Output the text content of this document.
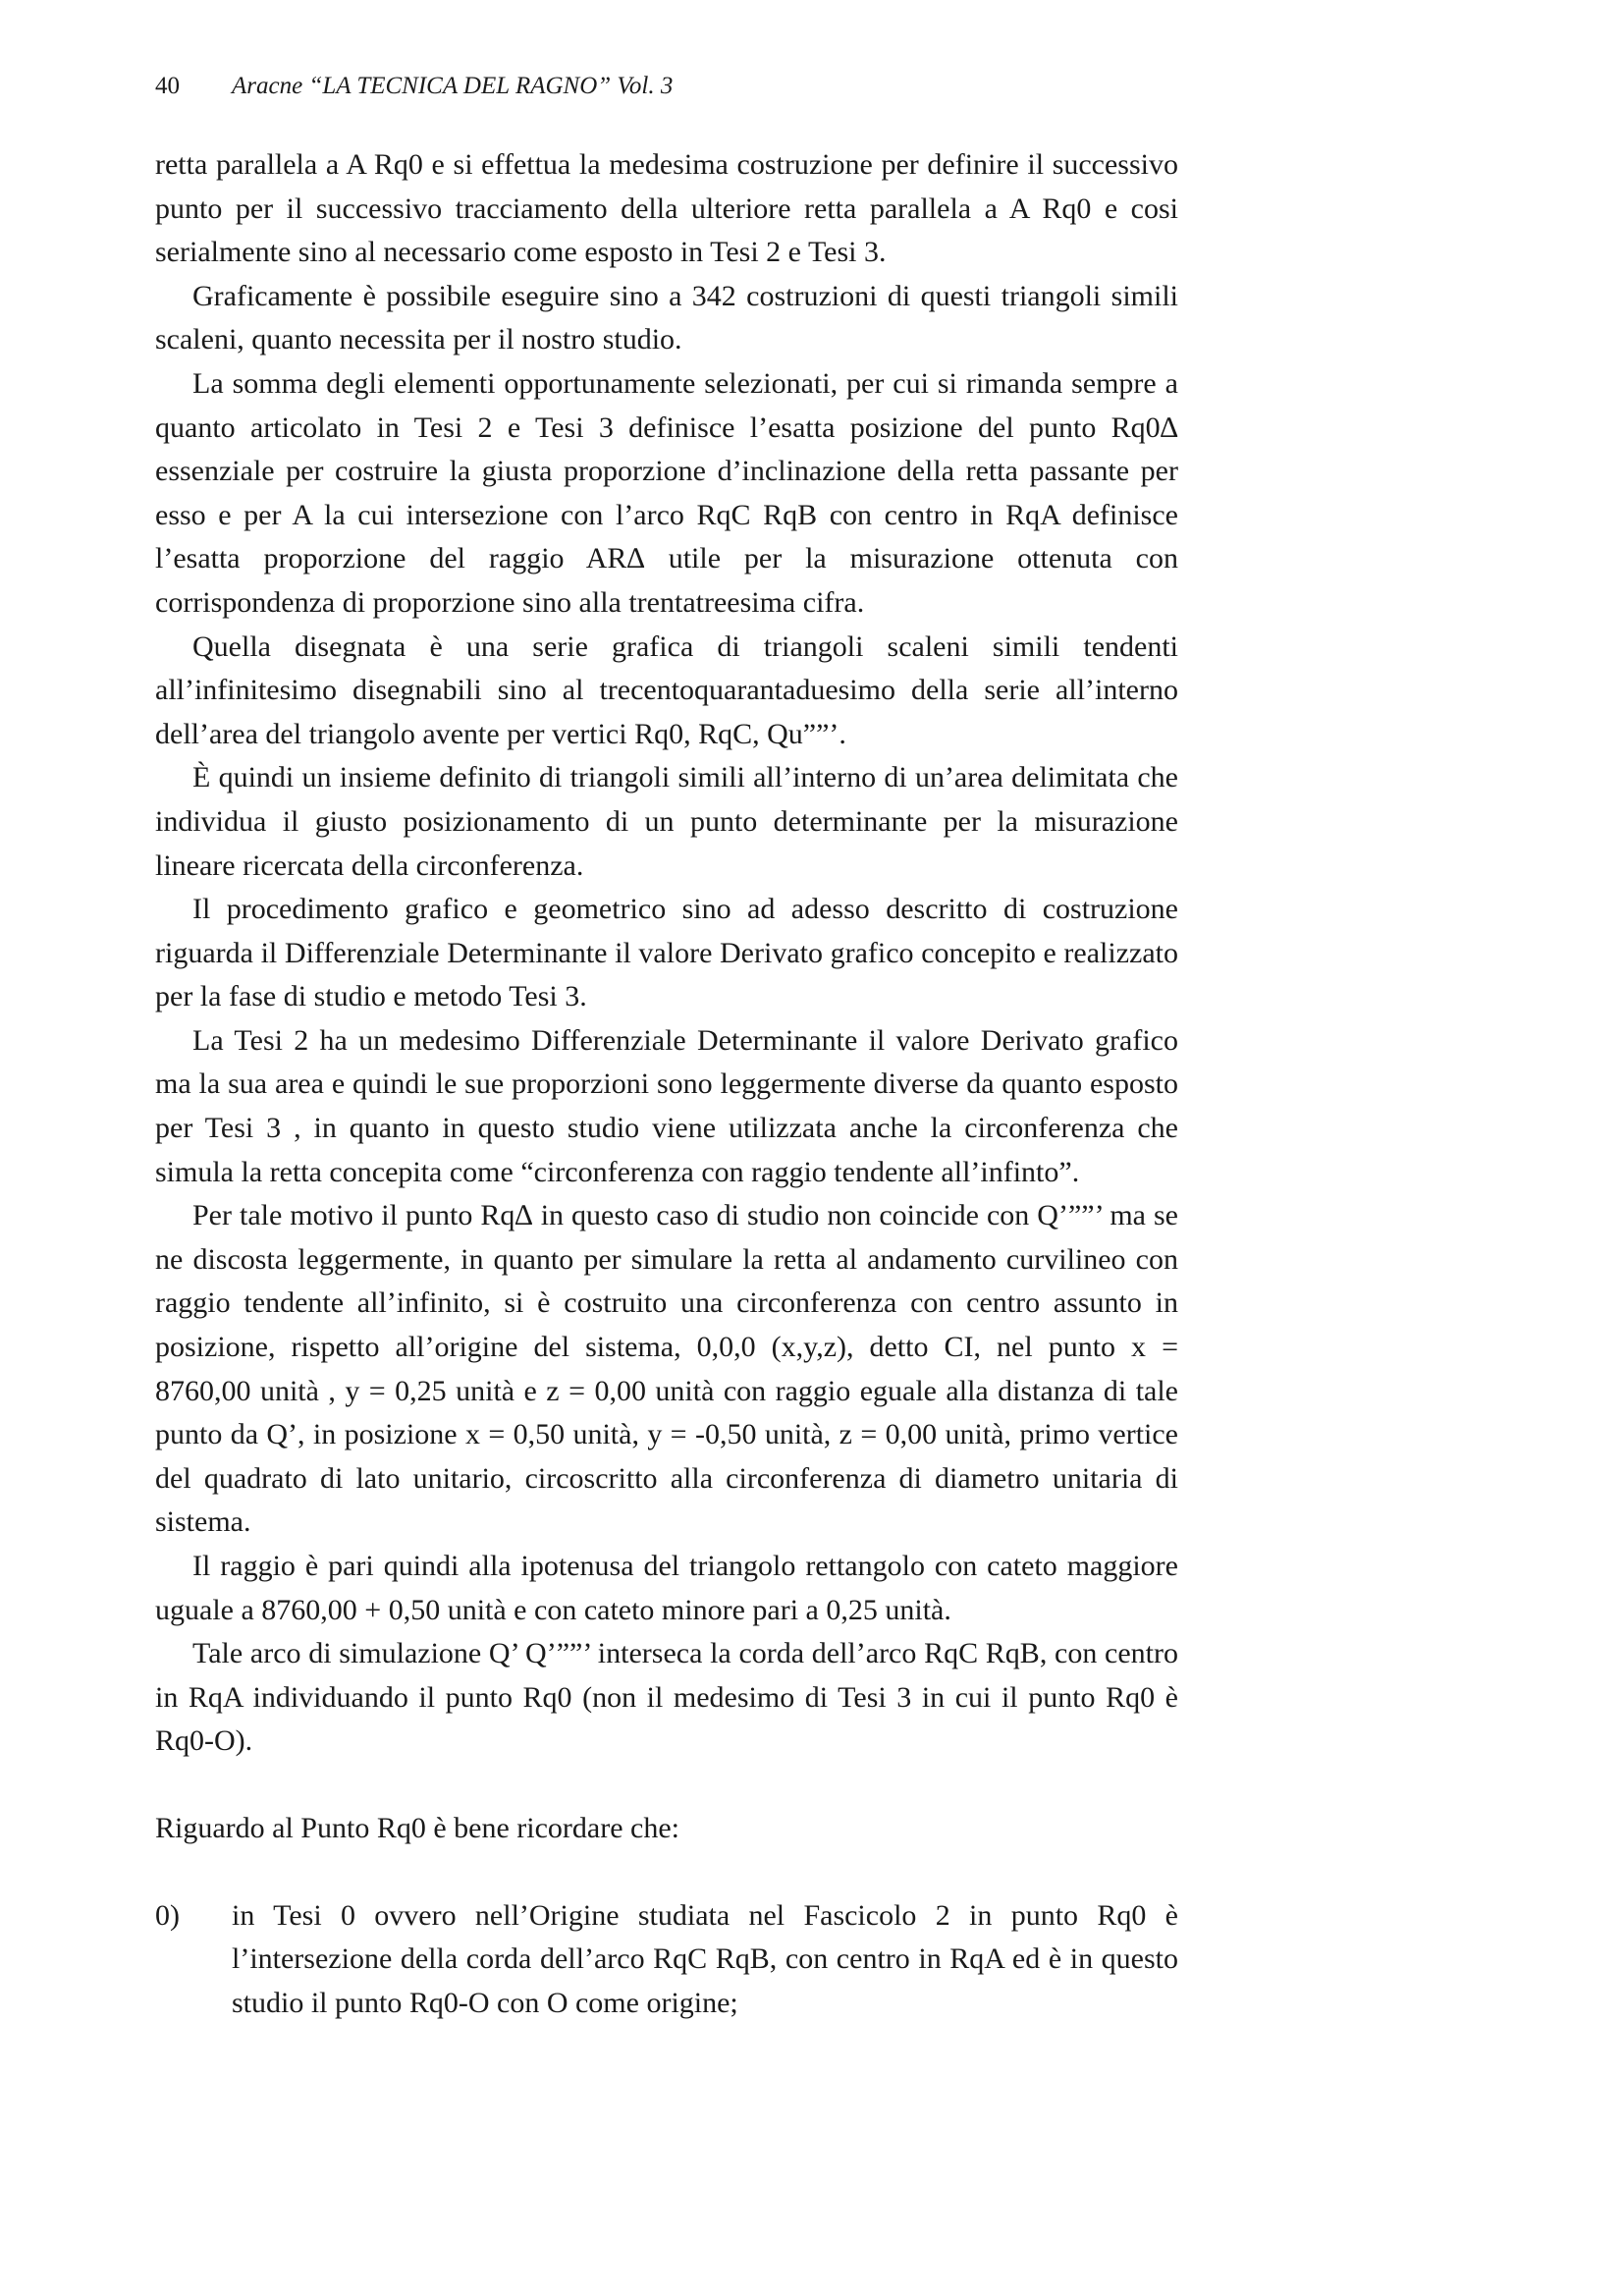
40	Aracne “LA TECNICA DEL RAGNO” Vol. 3

retta parallela a A Rq0 e si effettua la medesima costruzione per definire il successivo punto per il successivo tracciamento della ulteriore retta parallela a A Rq0 e cosi serialmente sino al necessario come esposto in Tesi 2 e Tesi 3.

Graficamente è possibile eseguire sino a 342 costruzioni di questi triangoli simili scaleni, quanto necessita per il nostro studio.

La somma degli elementi opportunamente selezionati, per cui si rimanda sempre a quanto articolato in Tesi 2 e Tesi 3 definisce l’esatta posizione del punto Rq0∆ essenziale per costruire la giusta proporzione d’inclinazione della retta passante per esso e per A la cui intersezione con l’arco RqC RqB con centro in RqA definisce l’esatta proporzione del raggio AR∆ utile per la misurazione ottenuta con corrispondenza di proporzione sino alla trentatreesima cifra.

Quella disegnata è una serie grafica di triangoli scaleni simili tendenti all’infinitesimo disegnabili sino al trecentoquarantaduesimo della serie all’interno dell’area del triangolo avente per vertici Rq0, RqC, Qu””’.

È quindi un insieme definito di triangoli simili all’interno di un’area delimitata che individua il giusto posizionamento di un punto determinante per la misurazione lineare ricercata della circonferenza.

Il procedimento grafico e geometrico sino ad adesso descritto di costruzione riguarda il Differenziale Determinante il valore Derivato grafico concepito e realizzato per la fase di studio e metodo Tesi 3.

La Tesi 2 ha un medesimo Differenziale Determinante il valore Derivato grafico ma la sua area e quindi le sue proporzioni sono leggermente diverse da quanto esposto per Tesi 3 , in quanto in questo studio viene utilizzata anche la circonferenza che simula la retta concepita come “circonferenza con raggio tendente all’infinto”.

Per tale motivo il punto Rq∆ in questo caso di studio non coincide con Q’””’ ma se ne discosta leggermente, in quanto per simulare la retta al andamento curvilineo con raggio tendente all’infinito, si è costruito una circonferenza con centro assunto in posizione, rispetto all’origine del sistema, 0,0,0 (x,y,z), detto CI, nel punto x = 8760,00 unità , y = 0,25 unità e z = 0,00 unità con raggio eguale alla distanza di tale punto da Q’, in posizione x = 0,50 unità, y = -0,50 unità, z = 0,00 unità, primo vertice del quadrato di lato unitario, circoscritto alla circonferenza di diametro unitaria di sistema.

Il raggio è pari quindi alla ipotenusa del triangolo rettangolo con cateto maggiore uguale a 8760,00 + 0,50 unità e con cateto minore pari a 0,25 unità.

Tale arco di simulazione Q’ Q’””’ interseca la corda dell’arco RqC RqB, con centro in RqA individuando il punto Rq0 (non il medesimo di Tesi 3 in cui il punto Rq0 è Rq0-O).

Riguardo al Punto Rq0 è bene ricordare che:

0)	in Tesi 0 ovvero nell’Origine studiata nel Fascicolo 2 in punto Rq0 è l’intersezione della corda dell’arco RqC RqB, con centro in RqA ed è in questo studio il punto Rq0-O con O come origine;
